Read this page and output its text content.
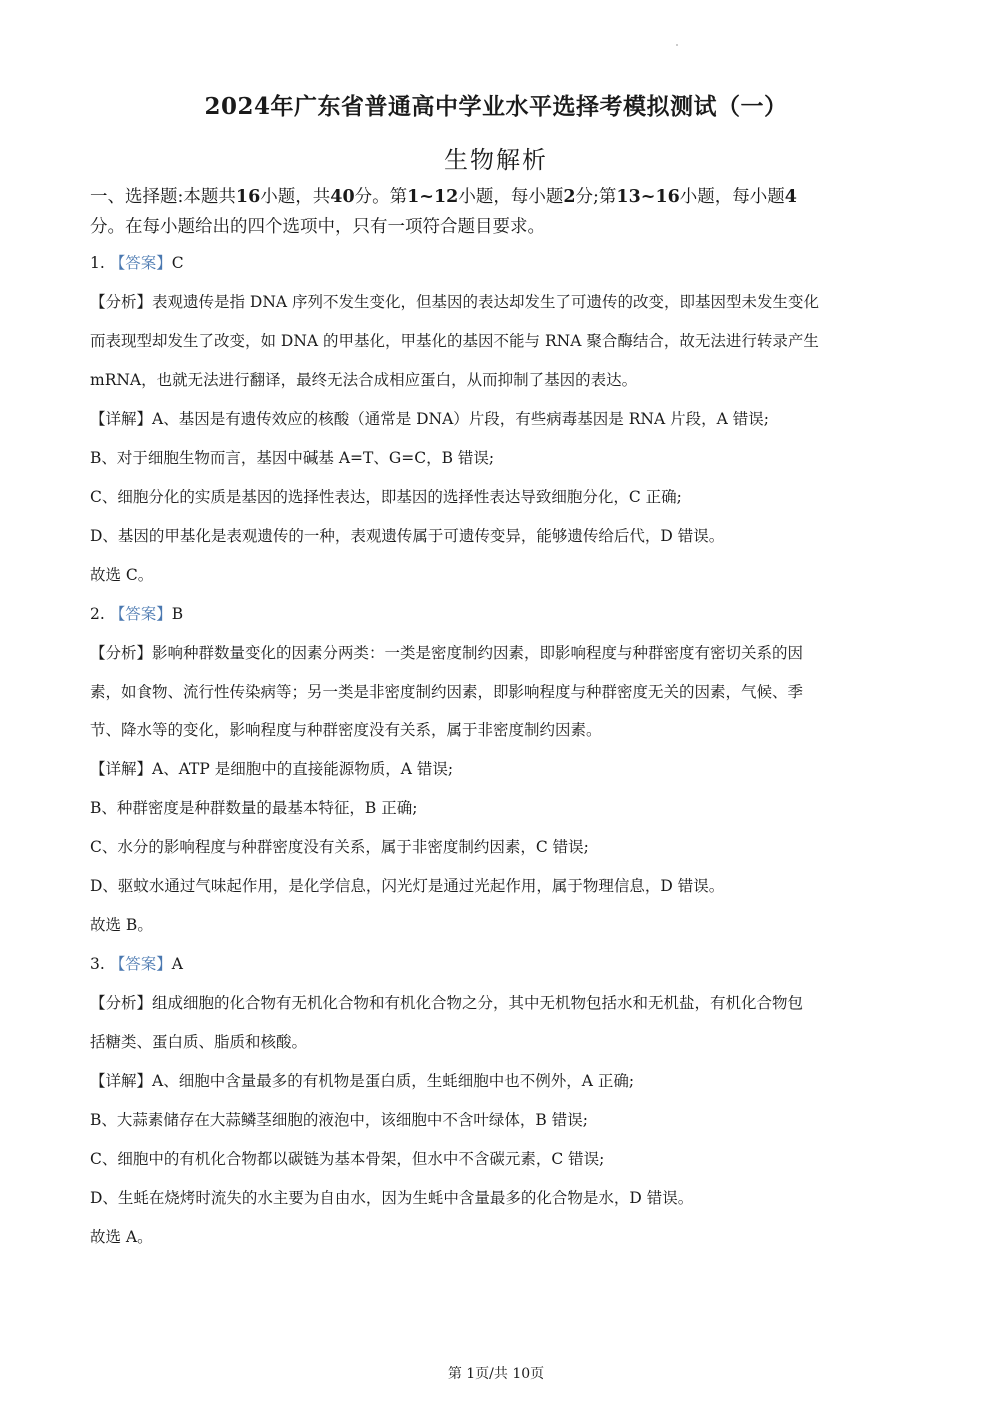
2024年广东省普通高中学业水平选择考模拟测试（一）
生物解析
一、选择题:本题共16小题，共40分。第1~12小题，每小题2分;第13~16小题，每小题4
分。在每小题给出的四个选项中，只有一项符合题目要求。
1. 【答案】C
【分析】表观遗传是指 DNA 序列不发生变化，但基因的表达却发生了可遗传的改变，即基因型未发生变化
而表现型却发生了改变，如 DNA 的甲基化，甲基化的基因不能与 RNA 聚合酶结合，故无法进行转录产生
mRNA，也就无法进行翻译，最终无法合成相应蛋白，从而抑制了基因的表达。
【详解】A、基因是有遗传效应的核酸（通常是 DNA）片段，有些病毒基因是 RNA 片段，A 错误;
B、对于细胞生物而言，基因中碱基 A=T、G=C，B 错误;
C、细胞分化的实质是基因的选择性表达，即基因的选择性表达导致细胞分化，C 正确;
D、基因的甲基化是表观遗传的一种，表观遗传属于可遗传变异，能够遗传给后代，D 错误。
故选 C。
2. 【答案】B
【分析】影响种群数量变化的因素分两类：一类是密度制约因素，即影响程度与种群密度有密切关系的因
素，如食物、流行性传染病等；另一类是非密度制约因素，即影响程度与种群密度无关的因素，气候、季
节、降水等的变化，影响程度与种群密度没有关系，属于非密度制约因素。
【详解】A、ATP 是细胞中的直接能源物质，A 错误;
B、种群密度是种群数量的最基本特征，B 正确;
C、水分的影响程度与种群密度没有关系，属于非密度制约因素，C 错误;
D、驱蚊水通过气味起作用，是化学信息，闪光灯是通过光起作用，属于物理信息，D 错误。
故选 B。
3. 【答案】A
【分析】组成细胞的化合物有无机化合物和有机化合物之分，其中无机物包括水和无机盐，有机化合物包
括糖类、蛋白质、脂质和核酸。
【详解】A、细胞中含量最多的有机物是蛋白质，生蚝细胞中也不例外，A 正确;
B、大蒜素储存在大蒜鳞茎细胞的液泡中，该细胞中不含叶绿体，B 错误;
C、细胞中的有机化合物都以碳链为基本骨架，但水中不含碳元素，C 错误;
D、生蚝在烧烤时流失的水主要为自由水，因为生蚝中含量最多的化合物是水，D 错误。
故选 A。
第 1页/共 10页
